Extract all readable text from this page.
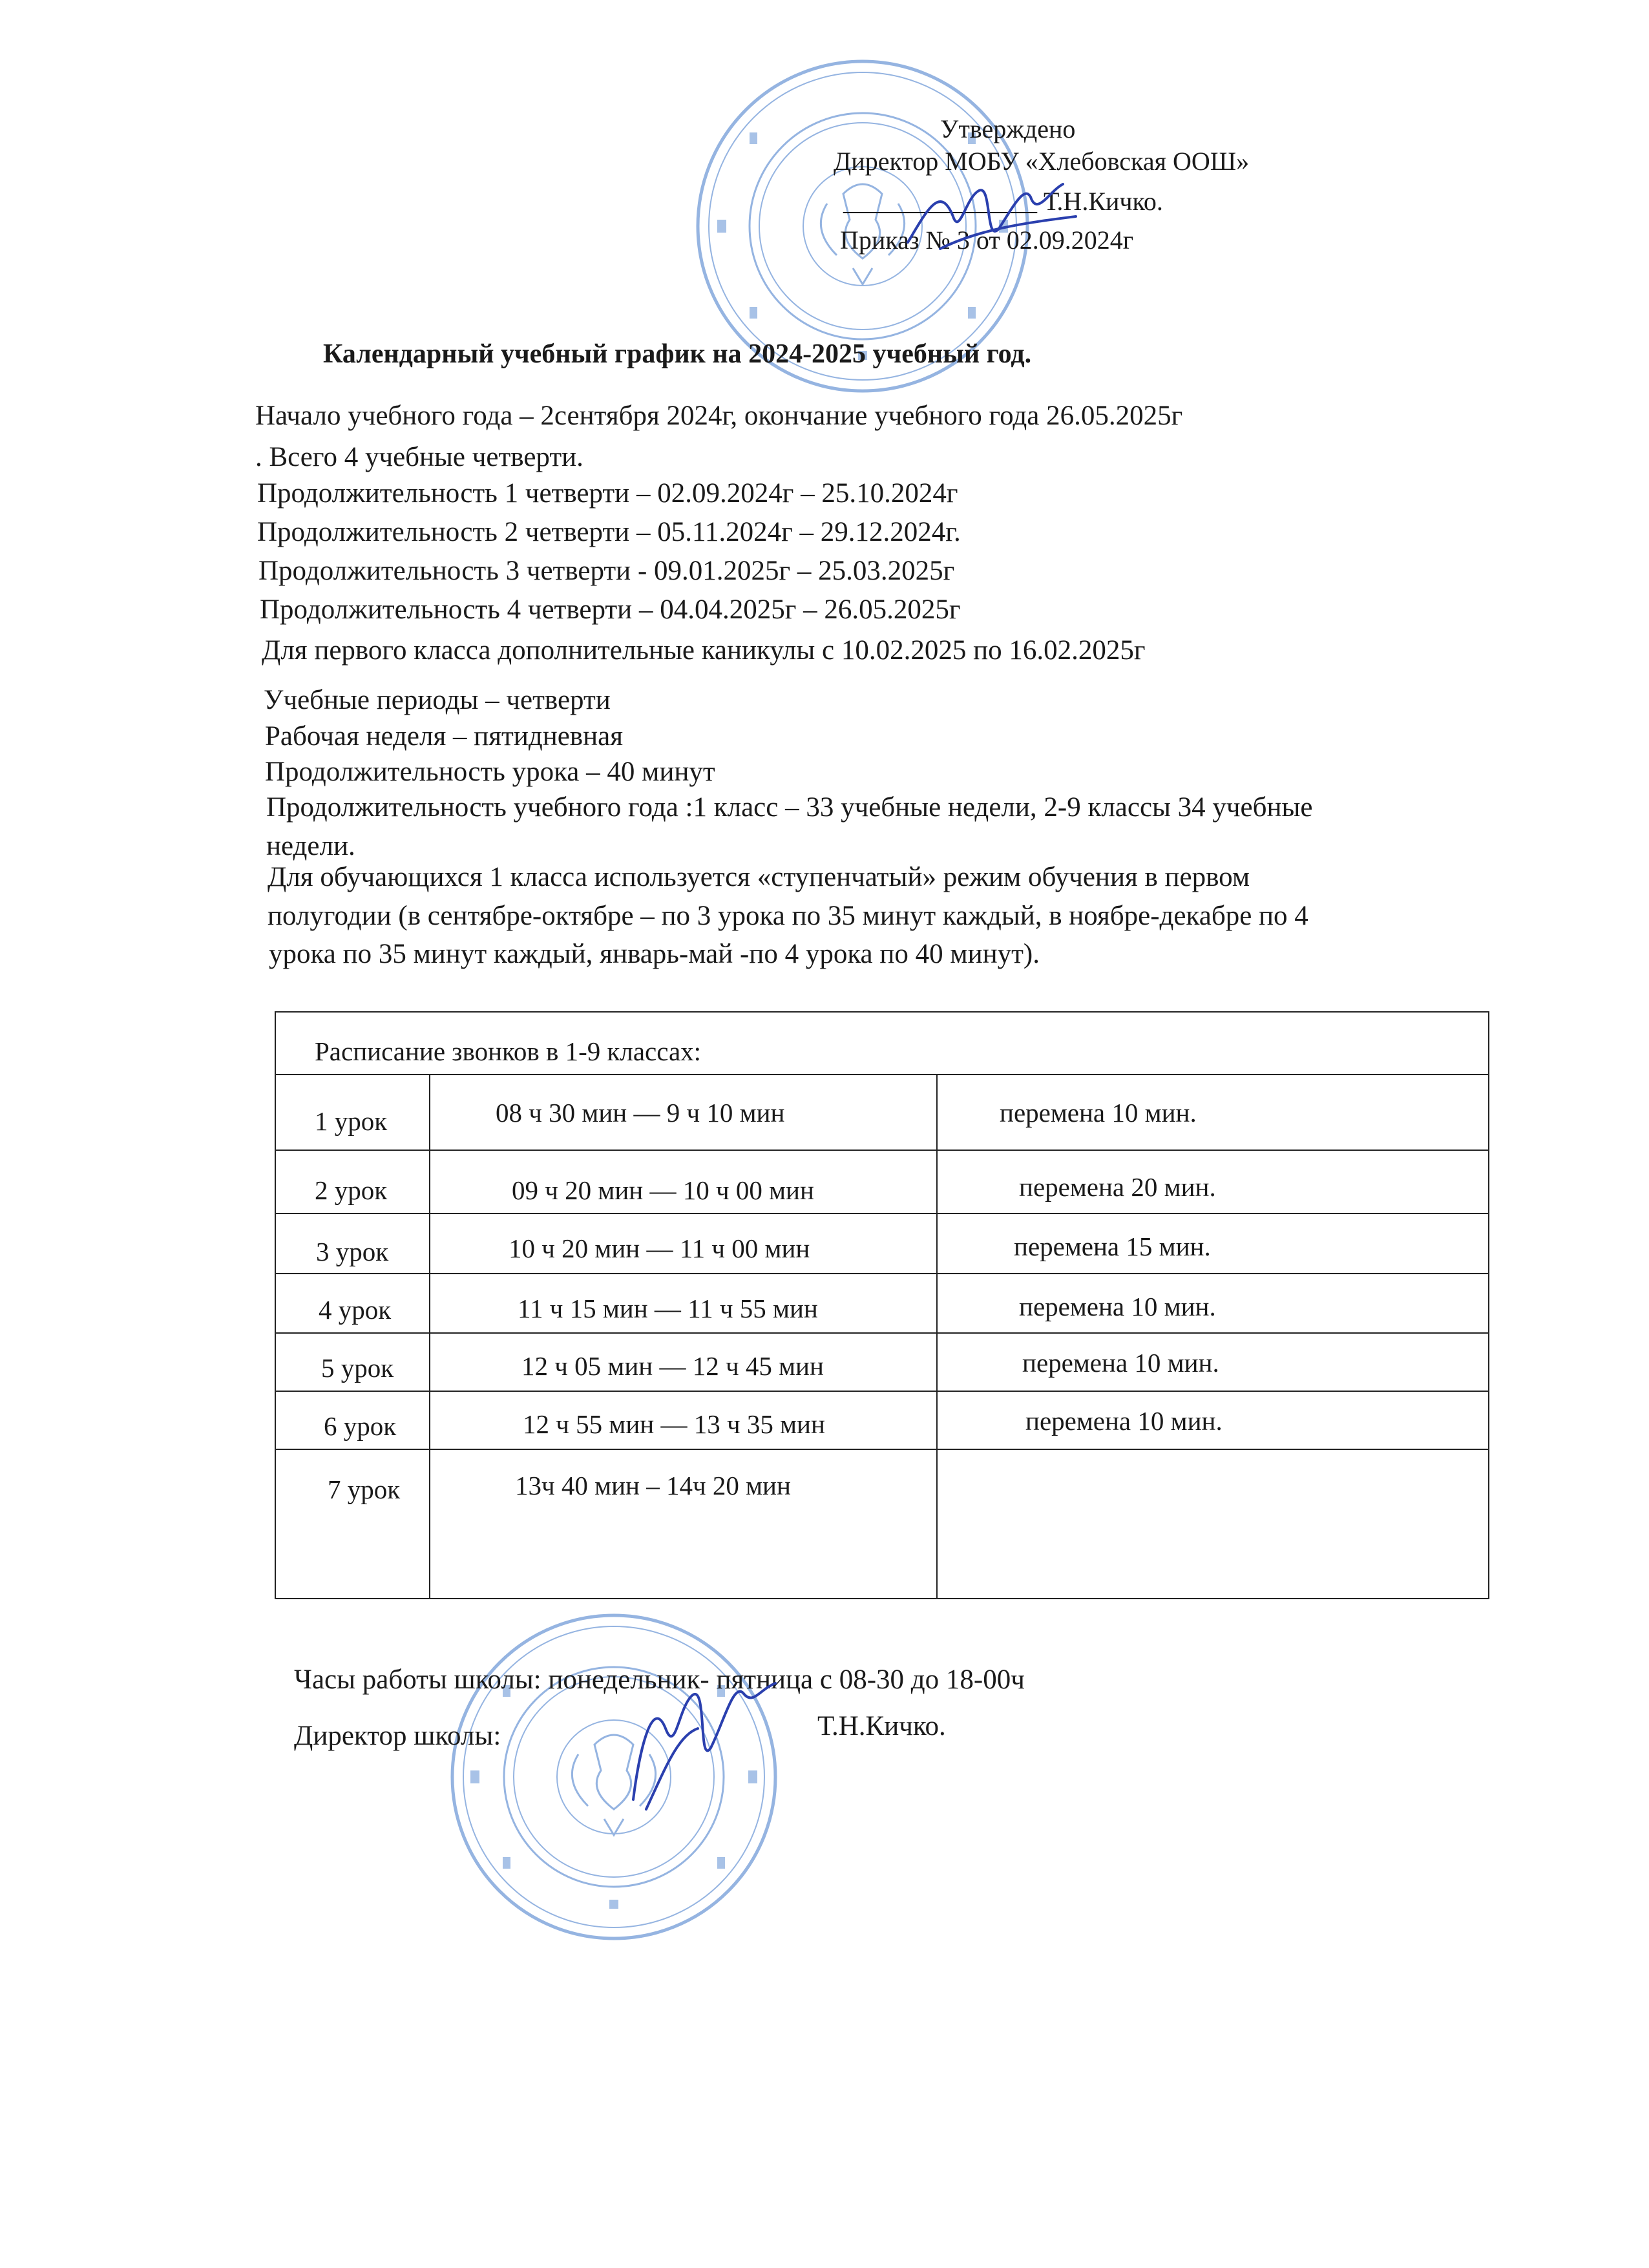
Утверждено
Директор МОБУ «Хлебовская ООШ»
_______________ Т.Н.Кичко.
Приказ № 3 от 02.09.2024г
Календарный учебный график на 2024-2025 учебный год.
Начало учебного года – 2сентября 2024г, окончание учебного года 26.05.2025г
. Всего 4 учебные четверти.
Продолжительность 1 четверти – 02.09.2024г – 25.10.2024г
Продолжительность 2 четверти – 05.11.2024г – 29.12.2024г.
Продолжительность 3 четверти - 09.01.2025г – 25.03.2025г
Продолжительность 4 четверти – 04.04.2025г – 26.05.2025г
Для первого класса дополнительные каникулы с 10.02.2025 по 16.02.2025г
Учебные периоды – четверти
Рабочая неделя – пятидневная
Продолжительность урока – 40 минут
Продолжительность учебного года :1 класс – 33 учебные недели, 2-9 классы 34 учебные
недели.
Для обучающихся 1 класса используется «ступенчатый» режим обучения в первом
полугодии (в сентябре-октябре – по 3 урока по 35 минут каждый, в ноябре-декабре по 4
урока по 35 минут каждый, январь-май -по 4 урока по 40 минут).
Расписание звонков в 1-9 классах:
1 урок	08 ч 30 мин — 9 ч 10 мин	перемена 10 мин.
2 урок	09 ч 20 мин — 10 ч 00 мин	перемена 20 мин.
3 урок	10 ч 20 мин — 11 ч 00 мин	перемена 15 мин.
4 урок	11 ч 15 мин — 11 ч 55 мин	перемена 10 мин.
5 урок	12 ч 05 мин — 12 ч 45 мин	перемена 10 мин.
6 урок	12 ч 55 мин — 13 ч 35 мин	перемена 10 мин.
7 урок	13ч 40 мин – 14ч 20 мин
Часы работы школы: понедельник- пятница с 08-30 до 18-00ч
Директор школы:	Т.Н.Кичко.
